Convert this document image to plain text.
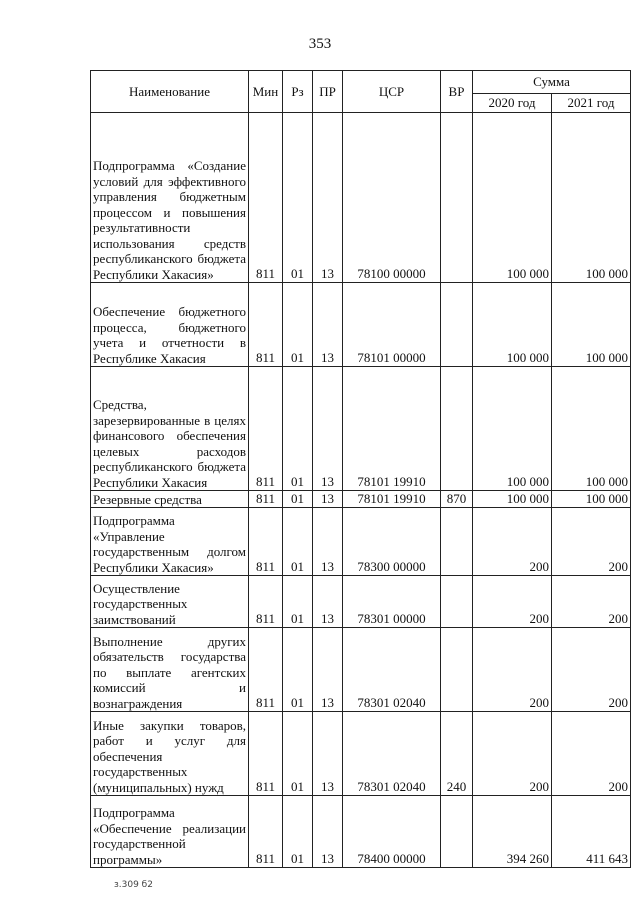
353
Наименование	Мин	Рз	ПР	ЦСР	ВР	Сумма	
						2020 год	2021 год
Подпрограмма «Создание условий для эффективного управления бюджетным процессом и повышения результативности использования средств республиканского бюджета Республики Хакасия»	811	01	13	78100 00000		100 000	100 000
Обеспечение бюджетного процесса, бюджетного учета и отчетности в Республике Хакасия	811	01	13	78101 00000		100 000	100 000
Средства, зарезервированные в целях финансового обеспечения целевых расходов республиканского бюджета Республики Хакасия	811	01	13	78101 19910		100 000	100 000
Резервные средства	811	01	13	78101 19910	870	100 000	100 000
Подпрограмма «Управление государственным долгом Республики Хакасия»	811	01	13	78300 00000		200	200
Осуществление государственных заимствований	811	01	13	78301 00000		200	200
Выполнение других обязательств государства по выплате агентских комиссий и вознаграждения	811	01	13	78301 02040		200	200
Иные закупки товаров, работ и услуг для обеспечения государственных (муниципальных) нужд	811	01	13	78301 02040	240	200	200
Подпрограмма «Обеспечение реализации государственной программы»	811	01	13	78400 00000		394 260	411 643
з.309 б2
